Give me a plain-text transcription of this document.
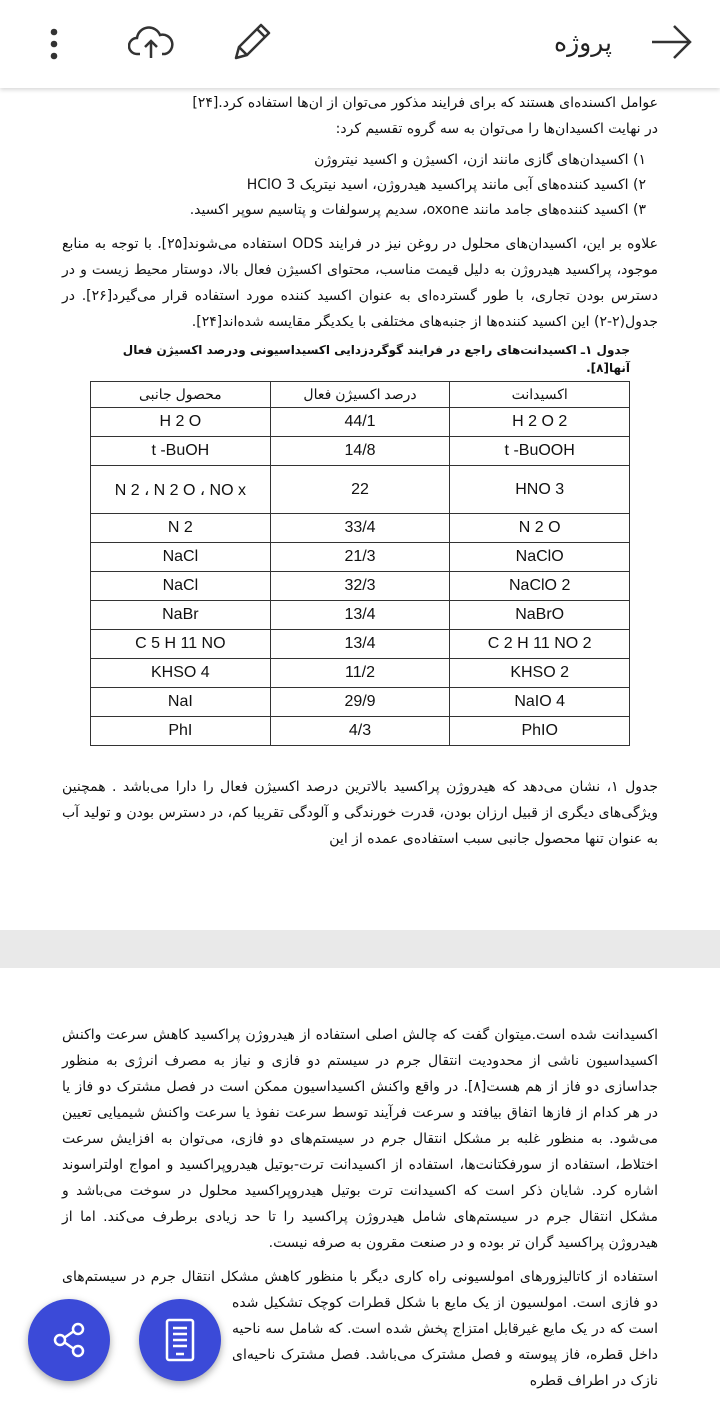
پروژه
عوامل اکسنده‌ای هستند که برای فرایند مذکور می‌توان از ان‌ها استفاده کرد.[۲۴]
در نهایت اکسیدان‌ها را می‌توان به سه گروه تقسیم کرد:
۱) اکسیدان‌های گازی مانند ازن، اکسیژن و اکسید نیتروژن
۲) اکسید کننده‌های آبی مانند پراکسید هیدروژن، اسید نیتریک HClO 3
۳) اکسید کننده‌های جامد مانند oxone، سدیم پرسولفات و پتاسیم سوپر اکسید.
علاوه بر این، اکسیدان‌های محلول در روغن نیز در فرایند ODS استفاده می‌شوند[۲۵]. با توجه به منابع موجود، پراکسید هیدروژن به دلیل قیمت مناسب، محتوای اکسیژن فعال بالا، دوستار محیط زیست و در دسترس بودن تجاری، با طور گسترده‌ای به عنوان اکسید کننده مورد استفاده قرار می‌گیرد[۲۶]. در جدول(۲-۲) این اکسید کننده‌ها از جنبه‌های مختلفی با یکدیگر مقایسه شده‌اند[۲۴].
جدول ۱ـ اکسیدانت‌های راجع در فرایند گوگردزدایی اکسیداسیونی ودرصد اکسیژن فعال آنها[۸].
اکسیدانت	درصد اکسیژن فعال	محصول جانبی
H 2 O 2	44/1	H 2 O
t -BuOOH	14/8	t -BuOH
HNO 3	22	N 2 ، N 2 O ، NO x
N 2 O	33/4	N 2
NaClO	21/3	NaCl
NaClO 2	32/3	NaCl
NaBrO	13/4	NaBr
C 2 H 11 NO 2	13/4	C 5 H 11 NO
KHSO 2	11/2	KHSO 4
NaIO 4	29/9	NaI
PhIO	4/3	PhI
جدول ۱، نشان می‌دهد که هیدروژن پراکسید بالاترین درصد اکسیژن فعال را دارا می‌باشد . همچنین ویژگی‌های دیگری از قبیل ارزان بودن، قدرت خورندگی و آلودگی تقریبا کم، در دسترس بودن و تولید آب به عنوان تنها محصول جانبی سبب استفاده‌ی عمده از این
اکسیدانت شده است.میتوان گفت که چالش اصلی استفاده از هیدروژن پراکسید کاهش سرعت واکنش اکسیداسیون ناشی از محدودیت انتقال جرم در سیستم دو فازی و نیاز به مصرف انرژی به منظور جداسازی دو فاز از هم هست[۸]. در واقع واکنش اکسیداسیون ممکن است در فصل مشترک دو فاز یا در هر کدام از فازها اتفاق بیافتد و سرعت فرآیند توسط سرعت نفوذ یا سرعت واکنش شیمیایی تعیین می‌شود. به منظور غلبه بر مشکل انتقال جرم در سیستم‌های دو فازی، می‌توان به افزایش سرعت اختلاط، استفاده از سورفکتانت‌ها، استفاده از اکسیدانت ترت-بوتیل هیدروپراکسید و امواج اولتراسوند اشاره کرد. شایان ذکر است که اکسیدانت ترت بوتیل هیدروپراکسید محلول در سوخت می‌باشد و مشکل انتقال جرم در سیستم‌های شامل هیدروژن پراکسید را تا حد زیادی برطرف می‌کند. اما از هیدروژن پراکسید گران تر بوده و در صنعت مقرون به صرفه نیست.
استفاده از کاتالیزورهای امولسیونی راه کاری دیگر با منظور کاهش مشکل انتقال جرم در سیستم‌های دو فازی است. امولسیون از یک مایع با شکل قطرات کوچک تشکیل شده است که در یک مایع غیرقابل امتزاج پخش شده است. که شامل سه ناحیه داخل قطره، فاز پیوسته و فصل مشترک می‌باشد. فصل مشترک ناحیه‌ای نازک در اطراف قطره
